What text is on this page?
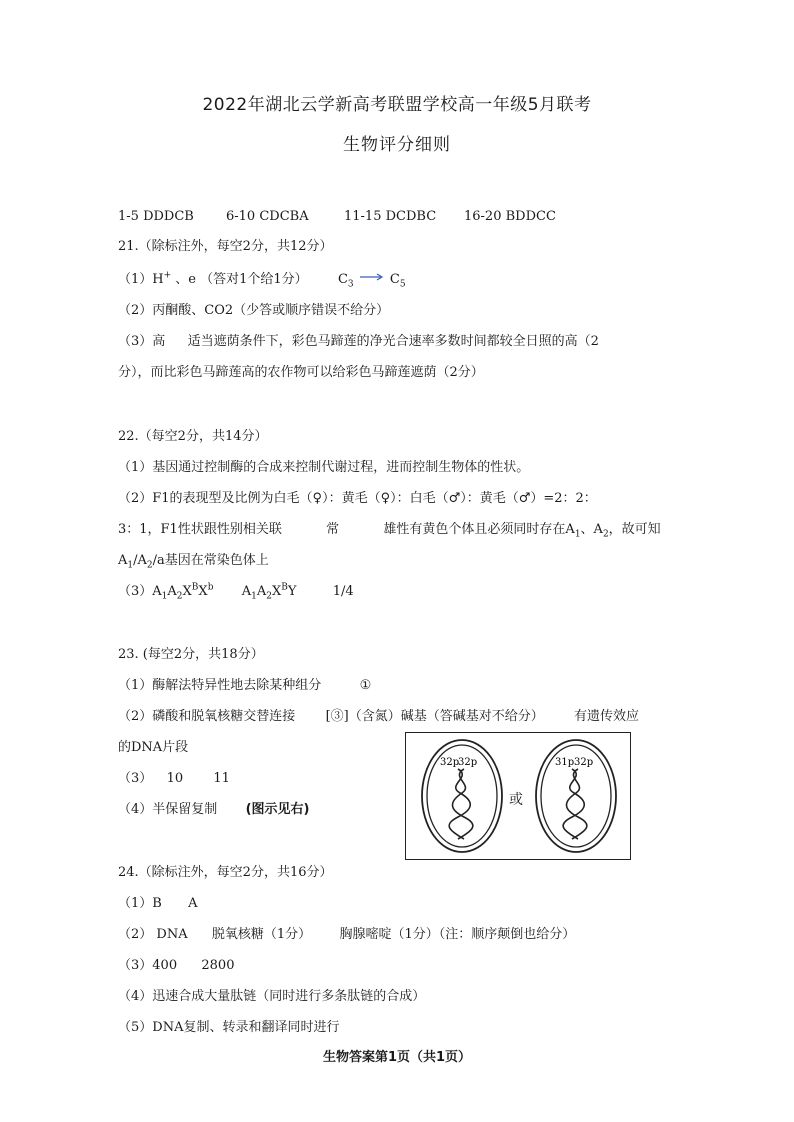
2022年湖北云学新高考联盟学校高一年级5月联考
生物评分细则
1-5 DDDCB 6-10 CDCBA	11-15 DCDBC 16-20 BDDCC
21.（除标注外，每空2分，共12分）
（1）H+ 、e （答对1个给1分） $C_3$	$C_5$
（2）丙酮酸、CO2（少答或顺序错误不给分）
（3）高 适当遮荫条件下，彩色马蹄莲的净光合速率多数时间都较全日照的高（2
分），而比彩色马蹄莲高的农作物可以给彩色马蹄莲遮荫（2分）
22.（每空2分，共14分）
（1）基因通过控制酶的合成来控制代谢过程，进而控制生物体的性状。
（2）F1的表现型及比例为白毛（♀）：黄毛（♀）：白毛（♂）：黄毛（♂）=2：2：
3：1，F1性状跟性别相关联	常	雄性有黄色个体且必须同时存在$A_1$、$A_2$，故可知
$A_1/A_2/a$基因在常染色体上
$(3)A_1A_2X^BX^b$ $A_1A_2X^BY$	1/4
23. (每空2分，共18分）
（1）酶解法特异性地去除某种组分	①
（2）磷酸和脱氧核糖交替连接 [③]（含氮）碱基（答碱基对不给分） 有遗传效应
的DNA片段
（3） 10 11
（4）半保留复制 (图示见右)
32p
32p	31p 32p
或
24.（除标注外，每空2分，共16分）
（1）B A
（2） DNA 脱氧核糖（1分） 胸腺嘧啶（1分）（注：顺序颠倒也给分）
（3）400 2800
（4）迅速合成大量肽链（同时进行多条肽链的合成）
（5）DNA复制、转录和翻译同时进行
生物答案第1页（共1页）
